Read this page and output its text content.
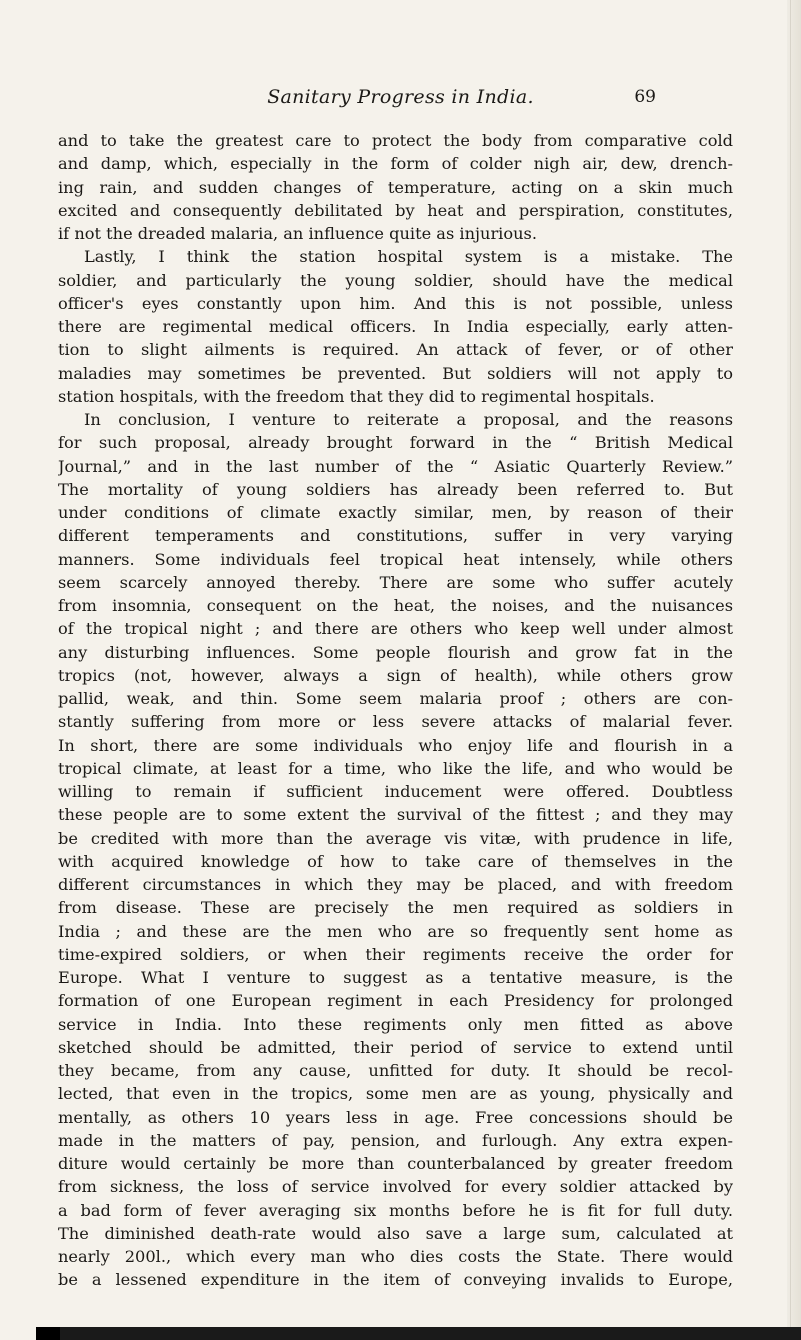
Sanitary Progress in India.	69
and to take the greatest care to protect the body from comparative cold
and damp, which, especially in the form of colder nigh air, dew, drench-
ing rain, and sudden changes of temperature, acting on a skin much
excited and consequently debilitated by heat and perspiration, constitutes,
if not the dreaded malaria, an influence quite as injurious.
Lastly, I think the station hospital system is a mistake. The
soldier, and particularly the young soldier, should have the medical
officer's eyes constantly upon him. And this is not possible, unless
there are regimental medical officers. In India especially, early atten-
tion to slight ailments is required. An attack of fever, or of other
maladies may sometimes be prevented. But soldiers will not apply to
station hospitals, with the freedom that they did to regimental hospitals.
In conclusion, I venture to reiterate a proposal, and the reasons
for such proposal, already brought forward in the “ British Medical
Journal,” and in the last number of the “ Asiatic Quarterly Review.”
The mortality of young soldiers has already been referred to. But
under conditions of climate exactly similar, men, by reason of their
different temperaments and constitutions, suffer in very varying
manners. Some individuals feel tropical heat intensely, while others
seem scarcely annoyed thereby. There are some who suffer acutely
from insomnia, consequent on the heat, the noises, and the nuisances
of the tropical night ; and there are others who keep well under almost
any disturbing influences. Some people flourish and grow fat in the
tropics (not, however, always a sign of health), while others grow
pallid, weak, and thin. Some seem malaria proof ; others are con-
stantly suffering from more or less severe attacks of malarial fever.
In short, there are some individuals who enjoy life and flourish in a
tropical climate, at least for a time, who like the life, and who would be
willing to remain if sufficient inducement were offered. Doubtless
these people are to some extent the survival of the fittest ; and they may
be credited with more than the average vis vitæ, with prudence in life,
with acquired knowledge of how to take care of themselves in the
different circumstances in which they may be placed, and with freedom
from disease. These are precisely the men required as soldiers in
India ; and these are the men who are so frequently sent home as
time-expired soldiers, or when their regiments receive the order for
Europe. What I venture to suggest as a tentative measure, is the
formation of one European regiment in each Presidency for prolonged
service in India. Into these regiments only men fitted as above
sketched should be admitted, their period of service to extend until
they became, from any cause, unfitted for duty. It should be recol-
lected, that even in the tropics, some men are as young, physically and
mentally, as others 10 years less in age. Free concessions should be
made in the matters of pay, pension, and furlough. Any extra expen-
diture would certainly be more than counterbalanced by greater freedom
from sickness, the loss of service involved for every soldier attacked by
a bad form of fever averaging six months before he is fit for full duty.
The diminished death-rate would also save a large sum, calculated at
nearly 200l., which every man who dies costs the State. There would
be a lessened expenditure in the item of conveying invalids to Europe,
